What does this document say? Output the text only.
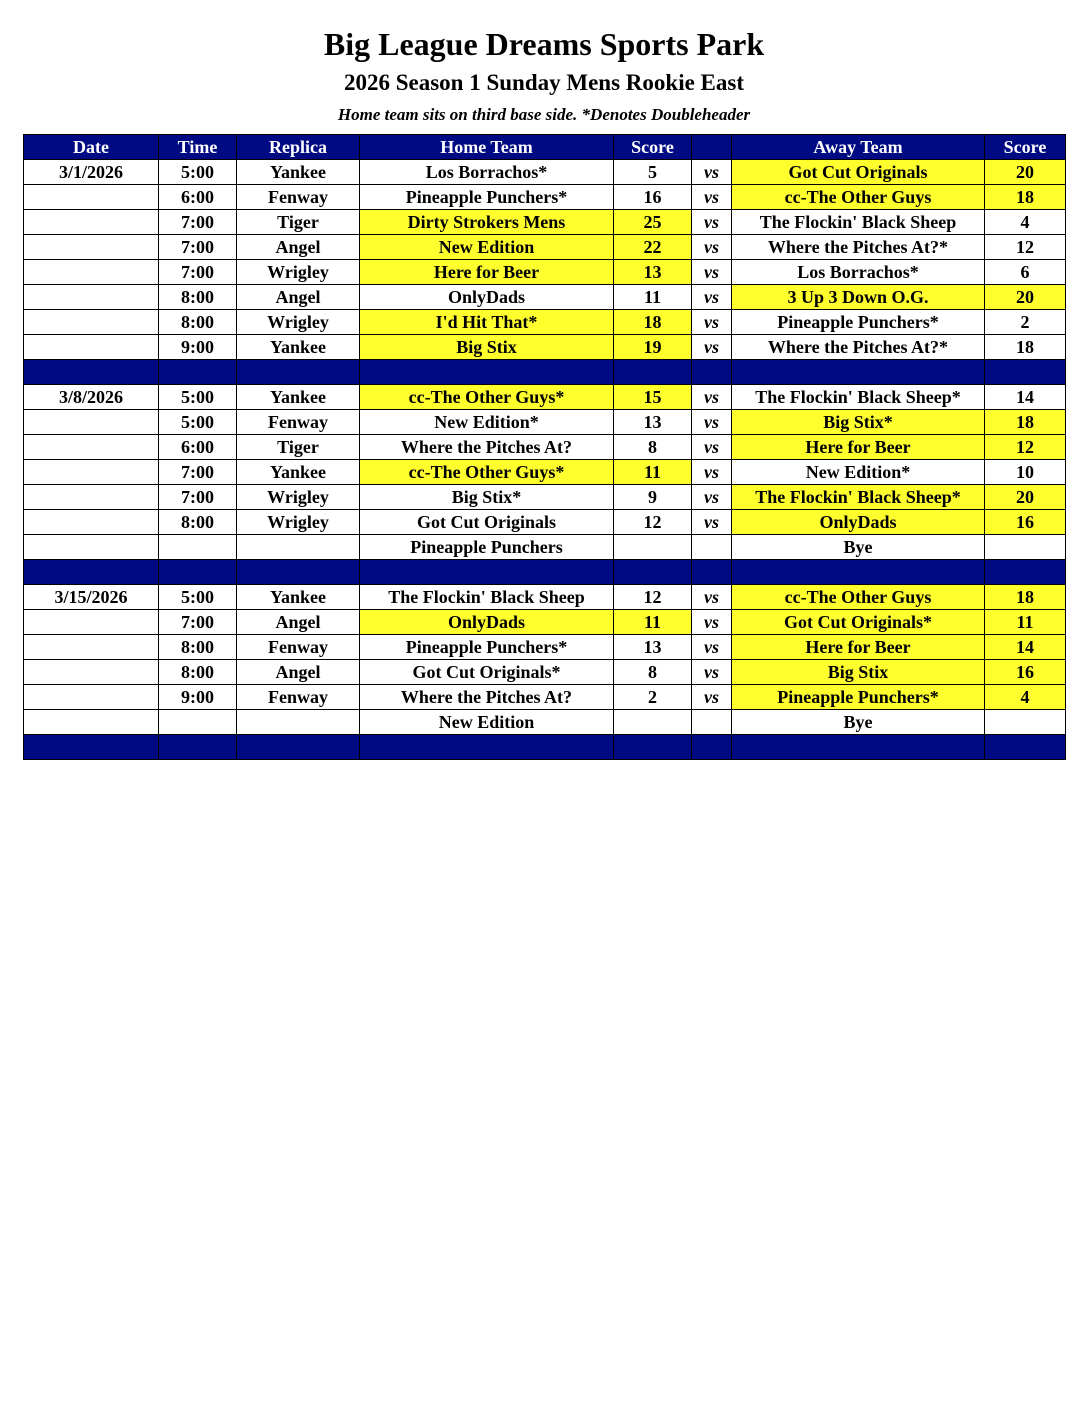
Big League Dreams Sports Park
2026 Season 1 Sunday Mens Rookie East
Home team sits on third base side. *Denotes Doubleheader
Date	Time	Replica	Home Team	Score		Away Team	Score
3/1/2026	5:00	Yankee	Los Borrachos*	5	vs	Got Cut Originals	20
	6:00	Fenway	Pineapple Punchers*	16	vs	cc-The Other Guys	18
	7:00	Tiger	Dirty Strokers Mens	25	vs	The Flockin' Black Sheep	4
	7:00	Angel	New Edition	22	vs	Where the Pitches At?*	12
	7:00	Wrigley	Here for Beer	13	vs	Los Borrachos*	6
	8:00	Angel	OnlyDads	11	vs	3 Up 3 Down O.G.	20
	8:00	Wrigley	I'd Hit That*	18	vs	Pineapple Punchers*	2
	9:00	Yankee	Big Stix	19	vs	Where the Pitches At?*	18

3/8/2026	5:00	Yankee	cc-The Other Guys*	15	vs	The Flockin' Black Sheep*	14
	5:00	Fenway	New Edition*	13	vs	Big Stix*	18
	6:00	Tiger	Where the Pitches At?	8	vs	Here for Beer	12
	7:00	Yankee	cc-The Other Guys*	11	vs	New Edition*	10
	7:00	Wrigley	Big Stix*	9	vs	The Flockin' Black Sheep*	20
	8:00	Wrigley	Got Cut Originals	12	vs	OnlyDads	16
			Pineapple Punchers			Bye	

3/15/2026	5:00	Yankee	The Flockin' Black Sheep	12	vs	cc-The Other Guys	18
	7:00	Angel	OnlyDads	11	vs	Got Cut Originals*	11
	8:00	Fenway	Pineapple Punchers*	13	vs	Here for Beer	14
	8:00	Angel	Got Cut Originals*	8	vs	Big Stix	16
	9:00	Fenway	Where the Pitches At?	2	vs	Pineapple Punchers*	4
			New Edition			Bye	
